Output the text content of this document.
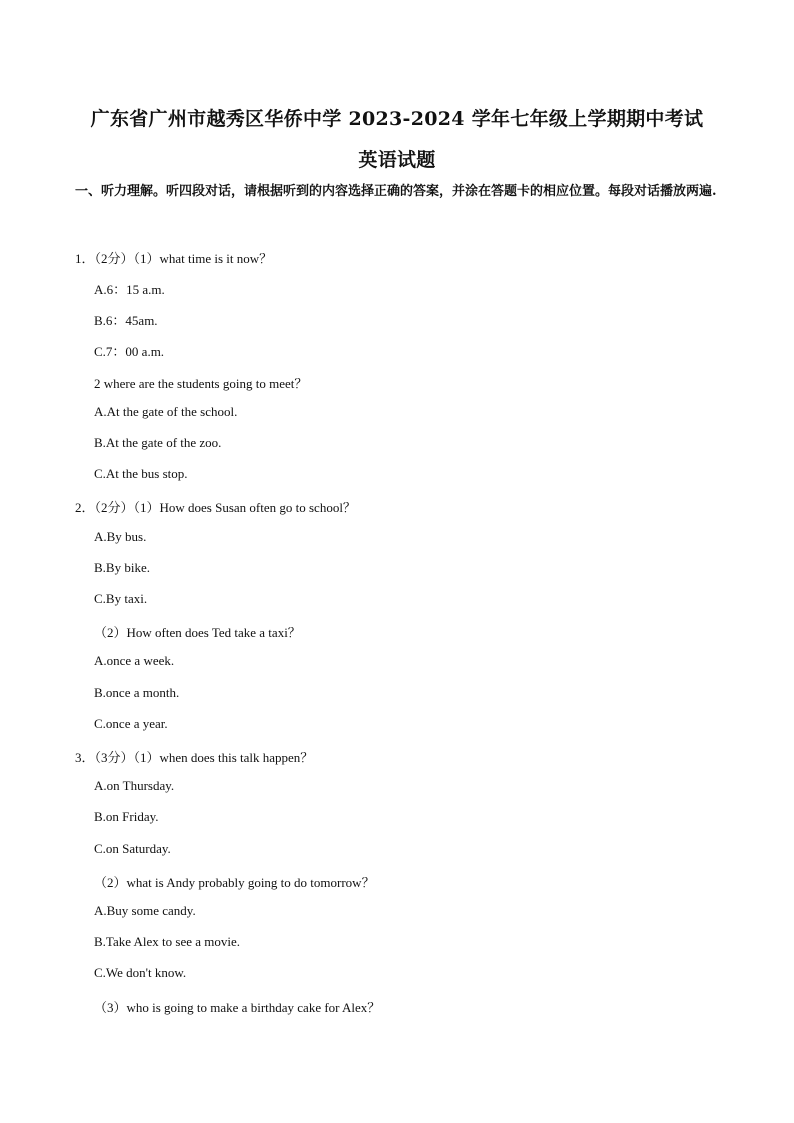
广东省广州市越秀区华侨中学 2023-2024 学年七年级上学期期中考试
英语试题
一、听力理解。听四段对话，请根据听到的内容选择正确的答案，并涂在答题卡的相应位置。每段对话播放两遍.
1．（2分）（1）what time is it now？
A.6：15 a.m.
B.6：45am.
C.7：00 a.m.
2 where are the students going to meet？
A.At the gate of the school.
B.At the gate of the zoo.
C.At the bus stop.
2．（2分）（1）How does Susan often go to school？
A.By bus.
B.By bike.
C.By taxi.
（2）How often does Ted take a taxi？
A.once a week.
B.once a month.
C.once a year.
3．（3分）（1）when does this talk happen？
A.on Thursday.
B.on Friday.
C.on Saturday.
（2）what is Andy probably going to do tomorrow？
A.Buy some candy.
B.Take Alex to see a movie.
C.We don't know.
（3）who is going to make a birthday cake for Alex？
